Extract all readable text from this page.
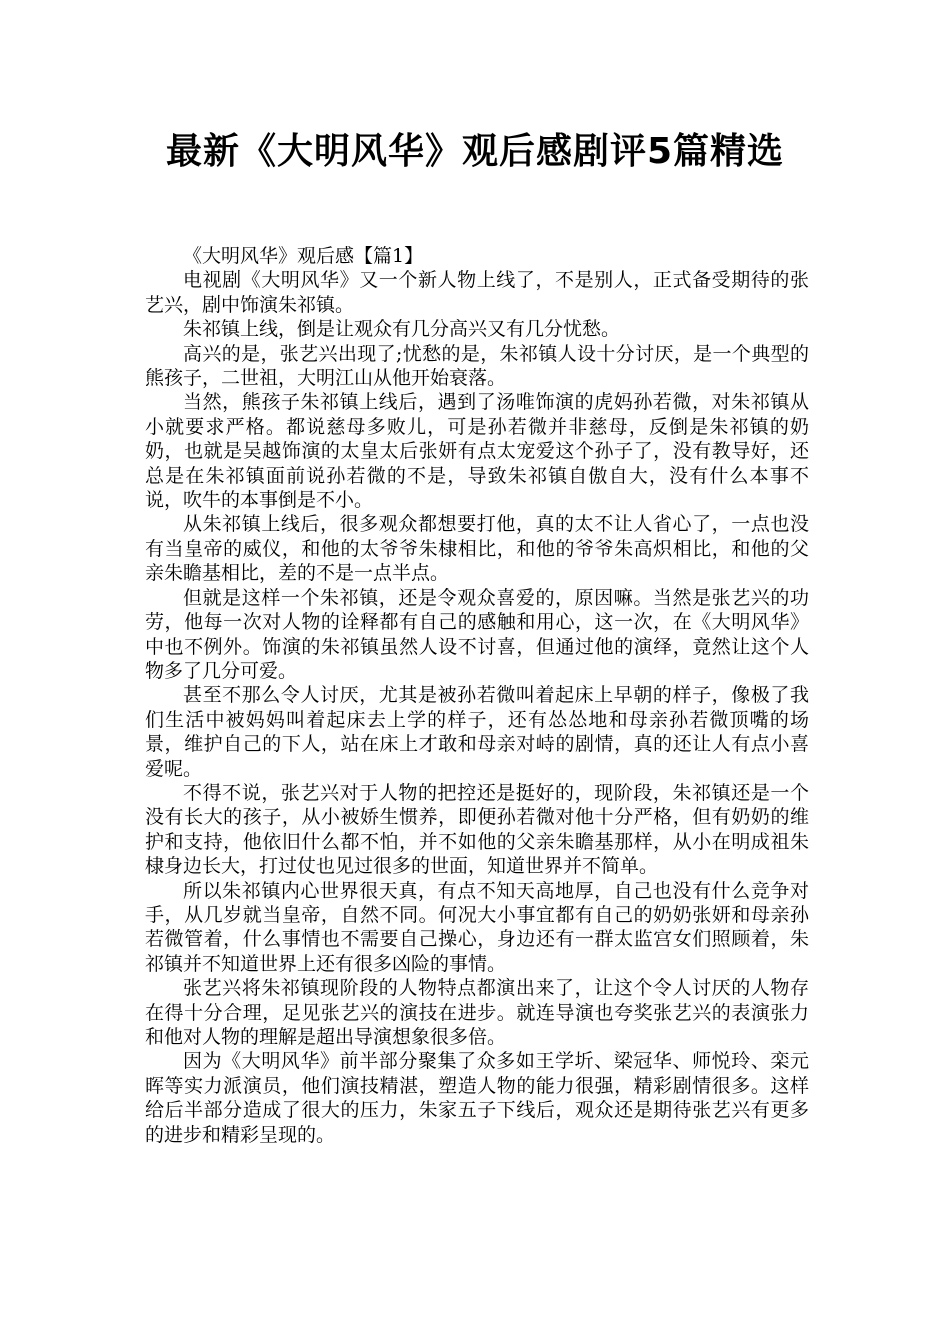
最新《大明风华》观后感剧评5篇精选

《大明风华》观后感【篇1】

电视剧《大明风华》又一个新人物上线了，不是别人，正式备受期待的张艺兴，剧中饰演朱祁镇。

朱祁镇上线，倒是让观众有几分高兴又有几分忧愁。

高兴的是，张艺兴出现了;忧愁的是，朱祁镇人设十分讨厌，是一个典型的熊孩子，二世祖，大明江山从他开始衰落。

当然，熊孩子朱祁镇上线后，遇到了汤唯饰演的虎妈孙若微，对朱祁镇从小就要求严格。都说慈母多败儿，可是孙若微并非慈母，反倒是朱祁镇的奶奶，也就是吴越饰演的太皇太后张妍有点太宠爱这个孙子了，没有教导好，还总是在朱祁镇面前说孙若微的不是，导致朱祁镇自傲自大，没有什么本事不说，吹牛的本事倒是不小。

从朱祁镇上线后，很多观众都想要打他，真的太不让人省心了，一点也没有当皇帝的威仪，和他的太爷爷朱棣相比，和他的爷爷朱高炽相比，和他的父亲朱瞻基相比，差的不是一点半点。

但就是这样一个朱祁镇，还是令观众喜爱的，原因嘛。当然是张艺兴的功劳，他每一次对人物的诠释都有自己的感触和用心，这一次，在《大明风华》中也不例外。饰演的朱祁镇虽然人设不讨喜，但通过他的演绎，竟然让这个人物多了几分可爱。

甚至不那么令人讨厌，尤其是被孙若微叫着起床上早朝的样子，像极了我们生活中被妈妈叫着起床去上学的样子，还有怂怂地和母亲孙若微顶嘴的场景，维护自己的下人，站在床上才敢和母亲对峙的剧情，真的还让人有点小喜爱呢。

不得不说，张艺兴对于人物的把控还是挺好的，现阶段，朱祁镇还是一个没有长大的孩子，从小被娇生惯养，即便孙若微对他十分严格，但有奶奶的维护和支持，他依旧什么都不怕，并不如他的父亲朱瞻基那样，从小在明成祖朱棣身边长大，打过仗也见过很多的世面，知道世界并不简单。

所以朱祁镇内心世界很天真，有点不知天高地厚，自己也没有什么竞争对手，从几岁就当皇帝，自然不同。何况大小事宜都有自己的奶奶张妍和母亲孙若微管着，什么事情也不需要自己操心，身边还有一群太监宫女们照顾着，朱祁镇并不知道世界上还有很多凶险的事情。

张艺兴将朱祁镇现阶段的人物特点都演出来了，让这个令人讨厌的人物存在得十分合理，足见张艺兴的演技在进步。就连导演也夸奖张艺兴的表演张力和他对人物的理解是超出导演想象很多倍。

因为《大明风华》前半部分聚集了众多如王学圻、梁冠华、师悦玲、栾元晖等实力派演员，他们演技精湛，塑造人物的能力很强，精彩剧情很多。这样给后半部分造成了很大的压力，朱家五子下线后，观众还是期待张艺兴有更多的进步和精彩呈现的。
